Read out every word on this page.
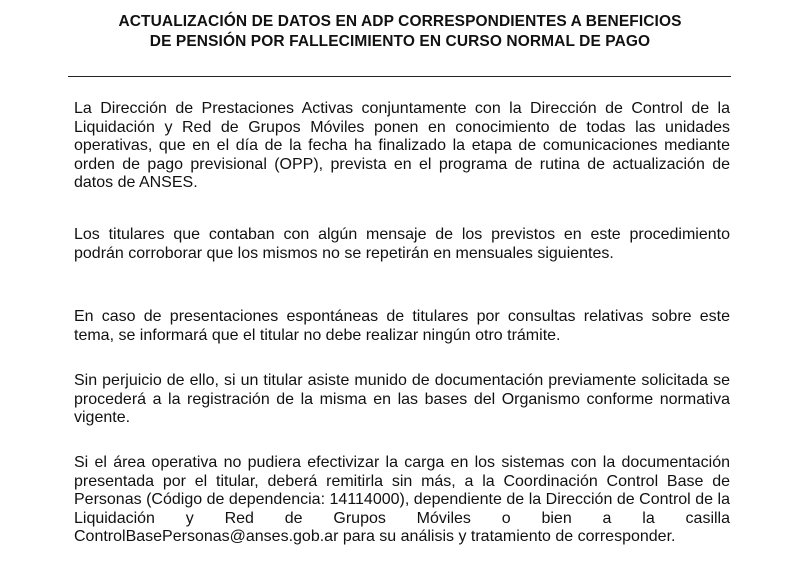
ACTUALIZACIÓN DE DATOS EN ADP CORRESPONDIENTES A BENEFICIOS
DE PENSIÓN POR FALLECIMIENTO EN CURSO NORMAL DE PAGO

La Dirección de Prestaciones Activas conjuntamente con la Dirección de Control de la Liquidación y Red de Grupos Móviles ponen en conocimiento de todas las unidades operativas, que en el día de la fecha ha finalizado la etapa de comunicaciones mediante orden de pago previsional (OPP), prevista en el programa de rutina de actualización de datos de ANSES.

Los titulares que contaban con algún mensaje de los previstos en este procedimiento podrán corroborar que los mismos no se repetirán en mensuales siguientes.

En caso de presentaciones espontáneas de titulares por consultas relativas sobre este tema, se informará que el titular no debe realizar ningún otro trámite.

Sin perjuicio de ello, si un titular asiste munido de documentación previamente solicitada se procederá a la registración de la misma en las bases del Organismo conforme normativa vigente.

Si el área operativa no pudiera efectivizar la carga en los sistemas con la documentación presentada por el titular, deberá remitirla sin más, a la Coordinación Control Base de Personas (Código de dependencia: 14114000), dependiente de la Dirección de Control de la Liquidación y Red de Grupos Móviles o bien a la casilla ControlBasePersonas@anses.gob.ar para su análisis y tratamiento de corresponder.
